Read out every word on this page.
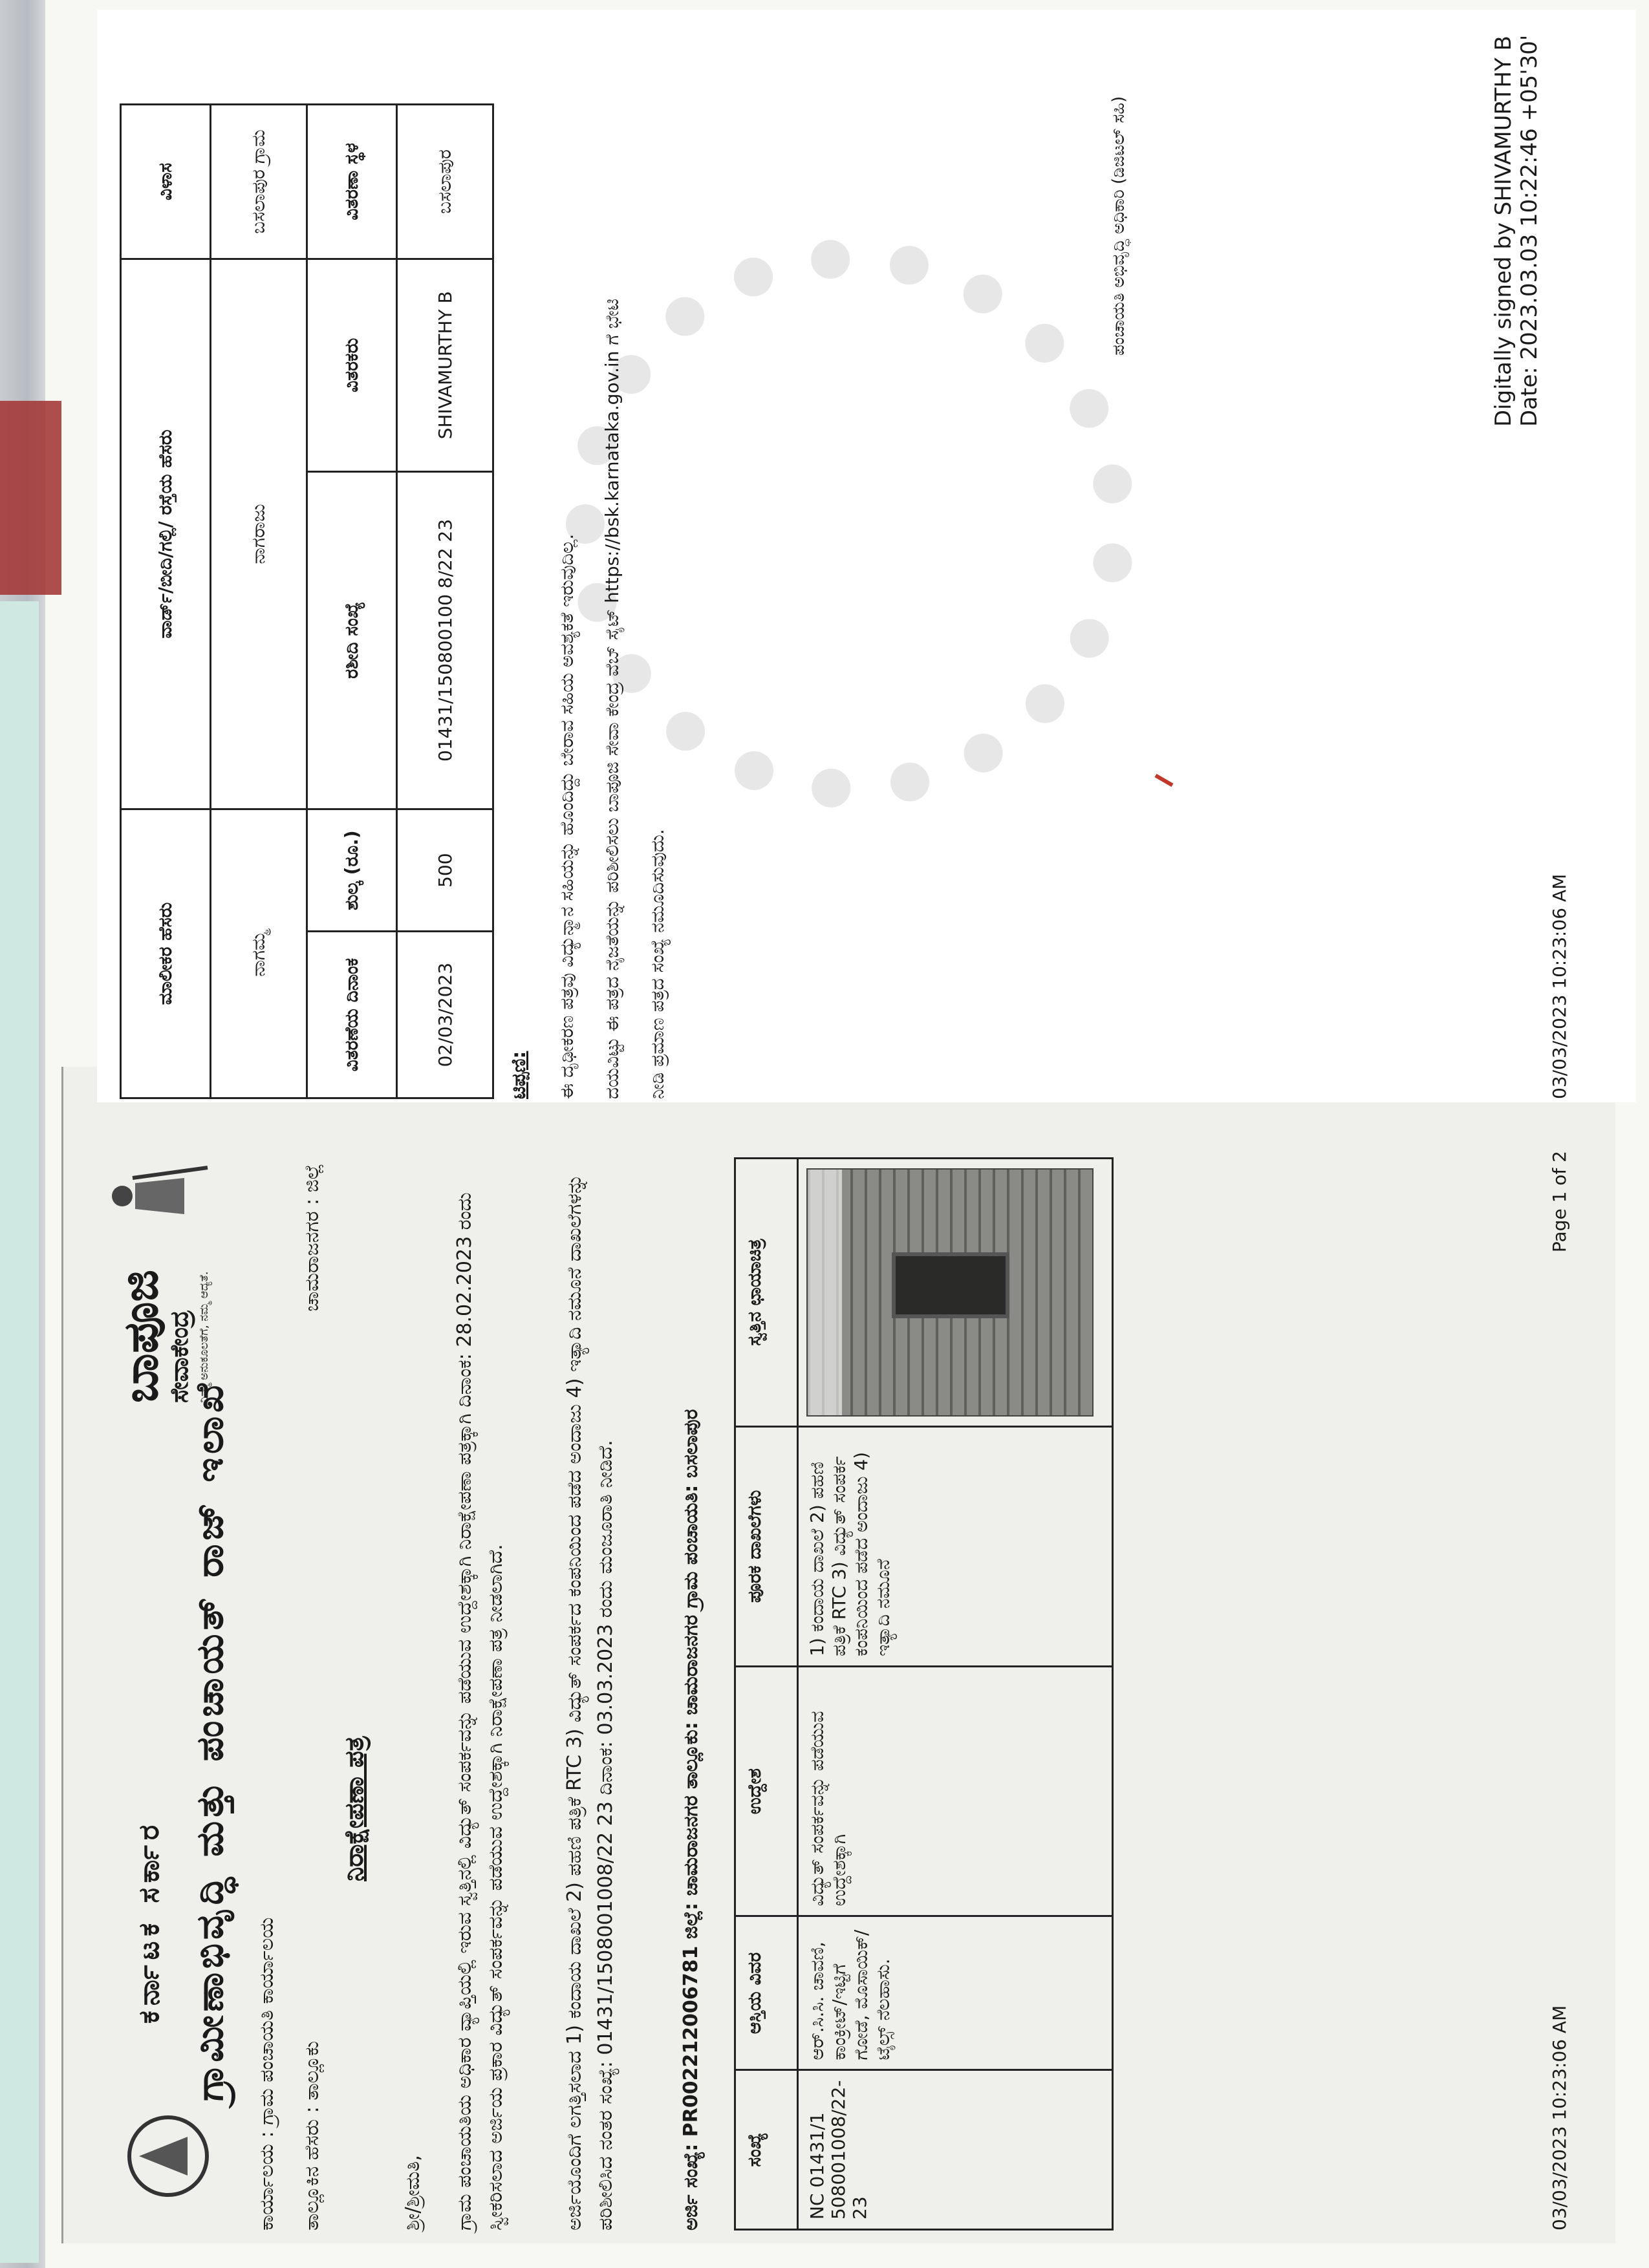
ಕರ್ನಾಟಕ ಸರ್ಕಾರ ಗ್ರಾಮೀಣಾಭಿವೃದ್ಧಿ ಮತ್ತು ಪಂಚಾಯತ್ ರಾಜ್ ಇಲಾಖೆ
ಬಾಪೂಜಿ
ಸೇವಾಕೇಂದ್ರ ನಿಮ್ಮ ಅನುಕೂಲತೆಗೆ, ನಮ್ಮ ಆದ್ಯತೆ.
ಕಾರ್ಯಾಲಯ : ಗ್ರಾಮ ಪಂಚಾಯತಿ ಕಾರ್ಯಾಲಯ ತಾಲ್ಲೂಕಿನ ಹೆಸರು : ತಾಲ್ಲೂಕು
ಚಾಮರಾಜನಗರ : ಜಿಲ್ಲೆ
ನಿರಾಕ್ಷೇಪಣಾ ಪತ್ರ
ಶ್ರೀ/ಶ್ರೀಮತಿ, ಗ್ರಾಮ ಪಂಚಾಯತಿಯ ಅಧಿಕಾರ ವ್ಯಾಪ್ತಿಯಲ್ಲಿ ಇರುವ ಸ್ವತ್ತಿನಲ್ಲಿ ವಿದ್ಯುತ್ ಸಂಪರ್ಕವನ್ನು ಪಡೆಯುವ ಉದ್ದೇಶಕ್ಕಾಗಿ ನಿರಾಕ್ಷೇಪಣಾ ಪತ್ರಕ್ಕಾಗಿ ದಿನಾಂಕ: 28.02.2023 ರಂದು ಸ್ವೀಕರಿಸಲಾದ ಅರ್ಜಿಯ ಪ್ರಕಾರ ವಿದ್ಯುತ್ ಸಂಪರ್ಕವನ್ನು ಪಡೆಯುವ ಉದ್ದೇಶಕ್ಕಾಗಿ ನಿರಾಕ್ಷೇಪಣಾ ಪತ್ರ ನೀಡಲಾಗಿದೆ.	ಅರ್ಜಿಯೊಂದಿಗೆ ಲಗತ್ತಿಸಲಾದ 1) ಕಂದಾಯ ದಾಖಲೆ 2) ಪಹಣಿ ಪತ್ರಿಕೆ RTC 3) ವಿದ್ಯುತ್ ಸಂಪರ್ಕದ ಕಂಪನಿಯಿಂದ ಪಡೆದ ಅಂದಾಜು 4) ಇತ್ಯಾದಿ ನಮೂನೆ ದಾಖಲೆಗಳನ್ನು ಪರಿಶೀಲಿಸಿದ ನಂತರ ಸಂಖ್ಯೆ: 01431/1508001008/22 23 ದಿನಾಂಕ: 03.03.2023 ರಂದು ಮಂಜೂರಾತಿ ನೀಡಿದೆ.	ಅರ್ಜಿ ಸಂಖ್ಯೆ: PR002212006781 ಜಿಲ್ಲೆ: ಚಾಮರಾಜನಗರ ತಾಲ್ಲೂಕು: ಚಾಮರಾಜನಗರ ಗ್ರಾಮ ಪಂಚಾಯತಿ: ಬಸಲಾಪುರ ಸಂಖ್ಯೆ	ಆಸ್ತಿಯ ವಿವರ	ಉದ್ದೇಶ	ಪೂರಕ ದಾಖಲೆಗಳು	ಸ್ವತ್ತಿನ ಛಾಯಾಚಿತ್ರ
NC 01431/1 508001008/22- 23	ಆರ್.ಸಿ.ಸಿ. ಚಾವಣಿ, ಕಾಂಕ್ರೀಟ್/ಇಟ್ಟಿಗೆ ಗೋಡೆ, ಮೊಸಾಯಿಕ್/ಟೈಲ್ಸ್ ನೆಲಹಾಸು.	ವಿದ್ಯುತ್ ಸಂಪರ್ಕವನ್ನು ಪಡೆಯುವ ಉದ್ದೇಶಕ್ಕಾಗಿ	1) ಕಂದಾಯ ದಾಖಲೆ 2) ಪಹಣಿ ಪತ್ರಿಕೆ RTC 3) ವಿದ್ಯುತ್ ಸಂಪರ್ಕ ಕಂಪನಿಯಿಂದ ಪಡೆದ ಅಂದಾಜು 4) ಇತ್ಯಾದಿ ನಮೂನೆ	
03/03/2023 10:23:06 AM
Page 1 of 2
ಮಾಲೀಕರ ಹೆಸರು		ವಾರ್ಡ್/ಬೀದಿ/ಗಲ್ಲಿ/ ರಸ್ತೆಯ ಹೆಸರು		ವಿಳಾಸ
ನಾಗಮ್ಮ		ನಾಗರಾಜು		ಬಸಲಾಪುರ ಗ್ರಾಮ
ವಿತರಣೆಯ ದಿನಾಂಕ	ಶುಲ್ಕ (ರೂ.)	ರಶೀದಿ ಸಂಖ್ಯೆ	ವಿತರಕರು	ವಿತರಣಾ ಸ್ಥಳ
02/03/2023	500	01431/150800100 8/22 23	SHIVAMURTHY B	ಬಸಲಾಪುರ
ಟಿಪ್ಪಣಿ: ಈ ದೃಢೀಕರಣ ಪತ್ರವು ವಿದ್ಯುನ್ಮಾನ ಸಹಿಯನ್ನು ಹೊಂದಿದ್ದು ಬೇರಾವ ಸಹಿಯ ಅವಶ್ಯಕತೆ ಇರುವುದಿಲ್ಲ. ದಯವಿಟ್ಟು ಈ ಪತ್ರದ ನೈಜತೆಯನ್ನು ಪರಿಶೀಲಿಸಲು ಬಾಪೂಜಿ ಸೇವಾ ಕೇಂದ್ರ ವೆಬ್ ಸೈಟ್ https://bsk.karnataka.gov.in ಗೆ ಭೇಟಿ ನೀಡಿ ಪ್ರಮಾಣ ಪತ್ರದ ಸಂಖ್ಯೆ ನಮೂದಿಸುವುದು.
ಪಂಚಾಯತಿ ಅಭಿವೃದ್ಧಿ ಅಧಿಕಾರಿ (ಡಿಜಿಟಲ್ ಸಹಿ)	Digitally signed by SHIVAMURTHY B Date: 2023.03.03 10:22:46 +05'30'
03/03/2023 10:23:06 AM
